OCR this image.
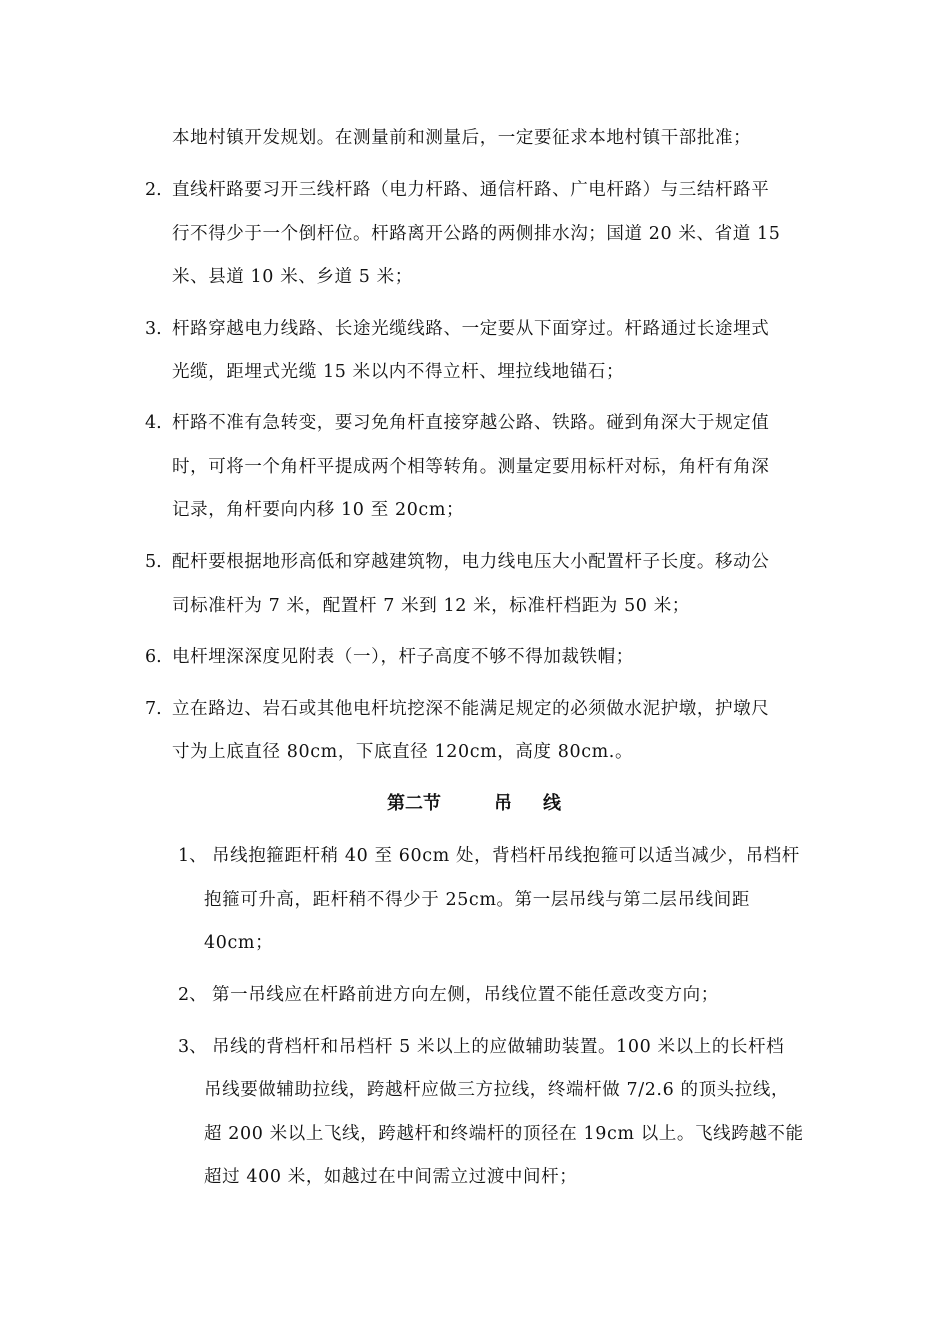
本地村镇开发规划。在测量前和测量后，一定要征求本地村镇干部批准；
2. 直线杆路要习开三线杆路（电力杆路、通信杆路、广电杆路）与三结杆路平
行不得少于一个倒杆位。杆路离开公路的两侧排水沟；国道 20 米、省道 15
米、县道 10 米、乡道 5 米；
3. 杆路穿越电力线路、长途光缆线路、一定要从下面穿过。杆路通过长途埋式
光缆，距埋式光缆 15 米以内不得立杆、埋拉线地锚石；
4. 杆路不准有急转变，要习免角杆直接穿越公路、铁路。碰到角深大于规定值
时，可将一个角杆平提成两个相等转角。测量定要用标杆对标，角杆有角深
记录，角杆要向内移 10 至 20cm；
5. 配杆要根据地形高低和穿越建筑物，电力线电压大小配置杆子长度。移动公
司标准杆为 7 米，配置杆 7 米到 12 米，标准杆档距为 50 米；
6. 电杆埋深深度见附表（一），杆子高度不够不得加裁铁帽；
7. 立在路边、岩石或其他电杆坑挖深不能满足规定的必须做水泥护墩，护墩尺
寸为上底直径 80cm，下底直径 120cm，高度 80cm.。
第二节	吊 线
1、 吊线抱箍距杆稍 40 至 60cm 处，背档杆吊线抱箍可以适当减少，吊档杆
抱箍可升高，距杆稍不得少于 25cm。第一层吊线与第二层吊线间距
40cm；
2、 第一吊线应在杆路前进方向左侧，吊线位置不能任意改变方向；
3、 吊线的背档杆和吊档杆 5 米以上的应做辅助装置。100 米以上的长杆档
吊线要做辅助拉线，跨越杆应做三方拉线，终端杆做 7/2.6 的顶头拉线，
超 200 米以上飞线，跨越杆和终端杆的顶径在 19cm 以上。飞线跨越不能
超过 400 米，如越过在中间需立过渡中间杆；
